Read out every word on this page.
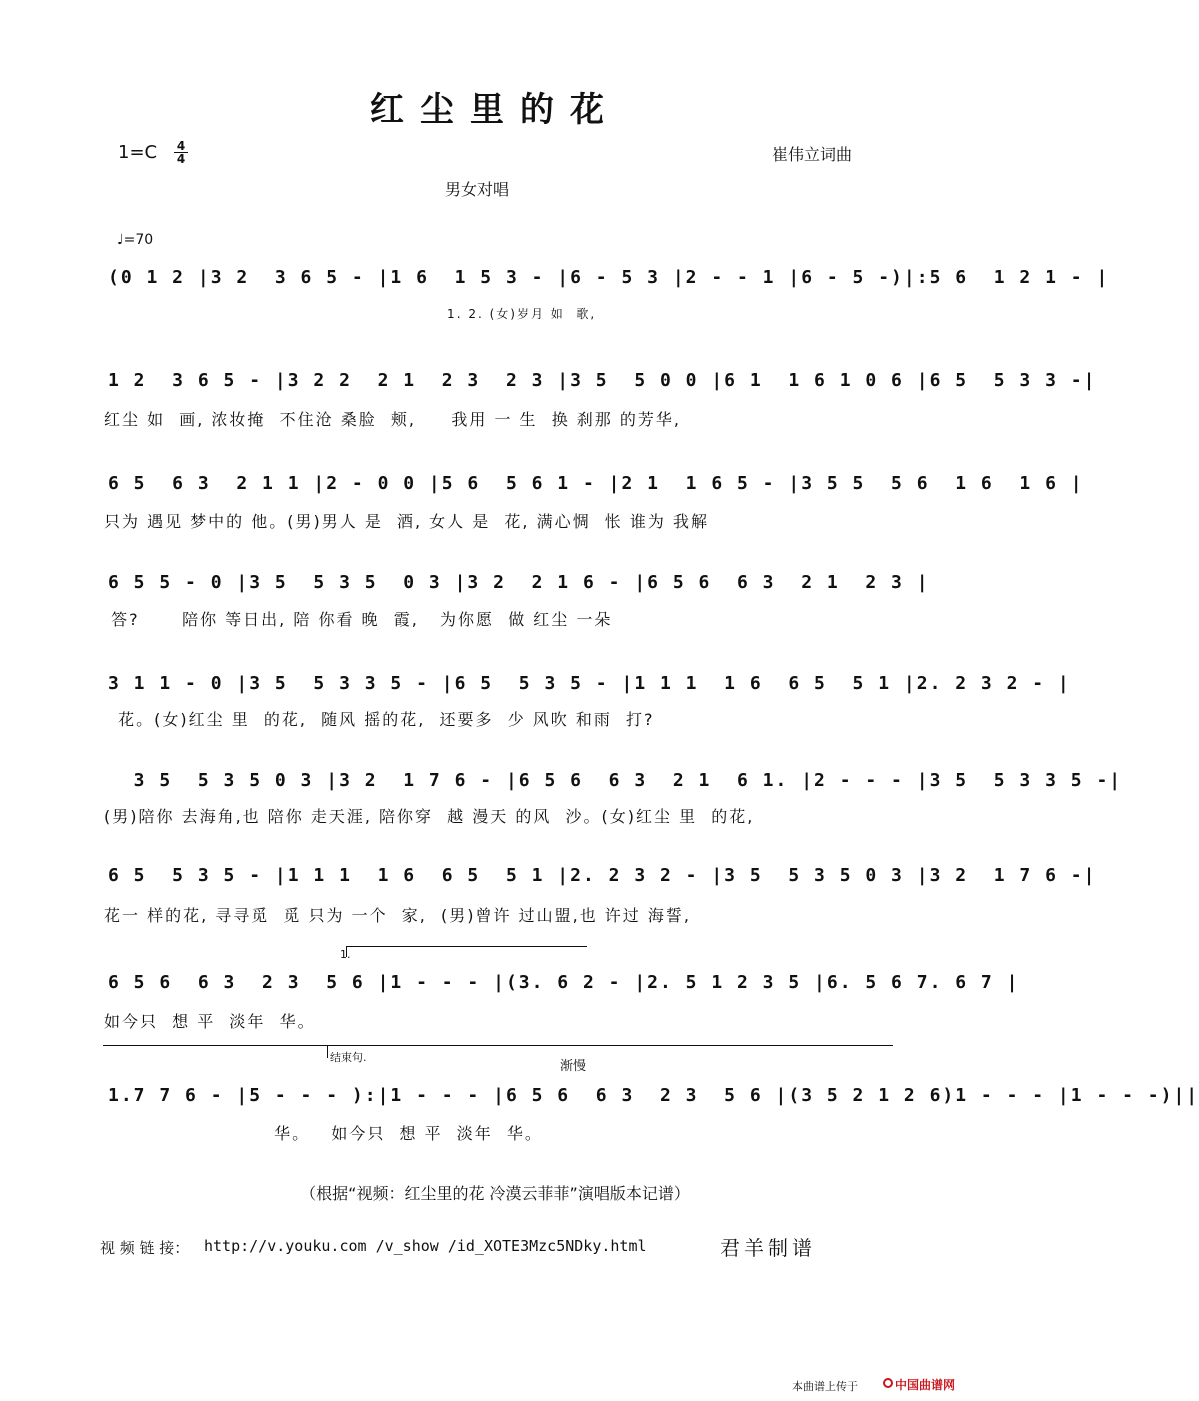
红尘里的花
1=C 4
4	崔伟立词曲
男女对唱
♩=70
(0 1 2 |3 2  3 6 5 - |1 6  1 5 3 - |6 - 5 3 |2 - - 1 |6 - 5 -)|:5 6  1 2 1 - |
1. 2. (女)岁月 如  歌,
1 2  3 6 5 - |3 2 2  2 1  2 3  2 3 |3 5  5 0 0 |6 1  1 6 1 0 6 |6 5  5 3 3 -|
红尘 如  画, 浓妆掩  不住沧 桑脸  颊,     我用 一 生  换 刹那 的芳华,
6 5  6 3  2 1 1 |2 - 0 0 |5 6  5 6 1 - |2 1  1 6 5 - |3 5 5  5 6  1 6  1 6 |
只为 遇见 梦中的 他。(男)男人 是  酒, 女人 是  花, 满心惆  怅 谁为 我解
6 5 5 - 0 |3 5  5 3 5  0 3 |3 2  2 1 6 - |6 5 6  6 3  2 1  2 3 |
答?      陪你 等日出, 陪 你看 晚  霞,   为你愿  做 红尘 一朵
3 1 1 - 0 |3 5  5 3 3 5 - |6 5  5 3 5 - |1 1 1  1 6  6 5  5 1 |2. 2 3 2 - |
花。(女)红尘 里  的花,  随风 摇的花,  还要多  少 风吹 和雨  打?
3 5  5 3 5 0 3 |3 2  1 7 6 - |6 5 6  6 3  2 1  6 1. |2 - - - |3 5  5 3 3 5 -|
(男)陪你 去海角,也 陪你 走天涯, 陪你穿  越 漫天 的风  沙。(女)红尘 里  的花,
6 5  5 3 5 - |1 1 1  1 6  6 5  5 1 |2. 2 3 2 - |3 5  5 3 5 0 3 |3 2  1 7 6 -|
花一 样的花, 寻寻觅  觅 只为 一个  家,  (男)曾许 过山盟,也 许过 海誓,
1.
6 5 6  6 3  2 3  5 6 |1 - - - |(3. 6 2 - |2. 5 1 2 3 5 |6. 5 6 7. 6 7 |
如今只  想 平  淡年  华。
结束句.
渐慢
1.7 7 6 - |5 - - - ):|1 - - - |6 5 6  6 3  2 3  5 6 |(3 5 2 1 2 6)1 - - - |1 - - -)||
华。   如今只  想 平  淡年  华。
（根据“视频：红尘里的花 冷漠云菲菲”演唱版本记谱）
视 频 链 接： http://v.youku.com /v_show /id_XOTE3Mzc5NDky.html	君羊制谱
本曲谱上传于	中国曲谱网
